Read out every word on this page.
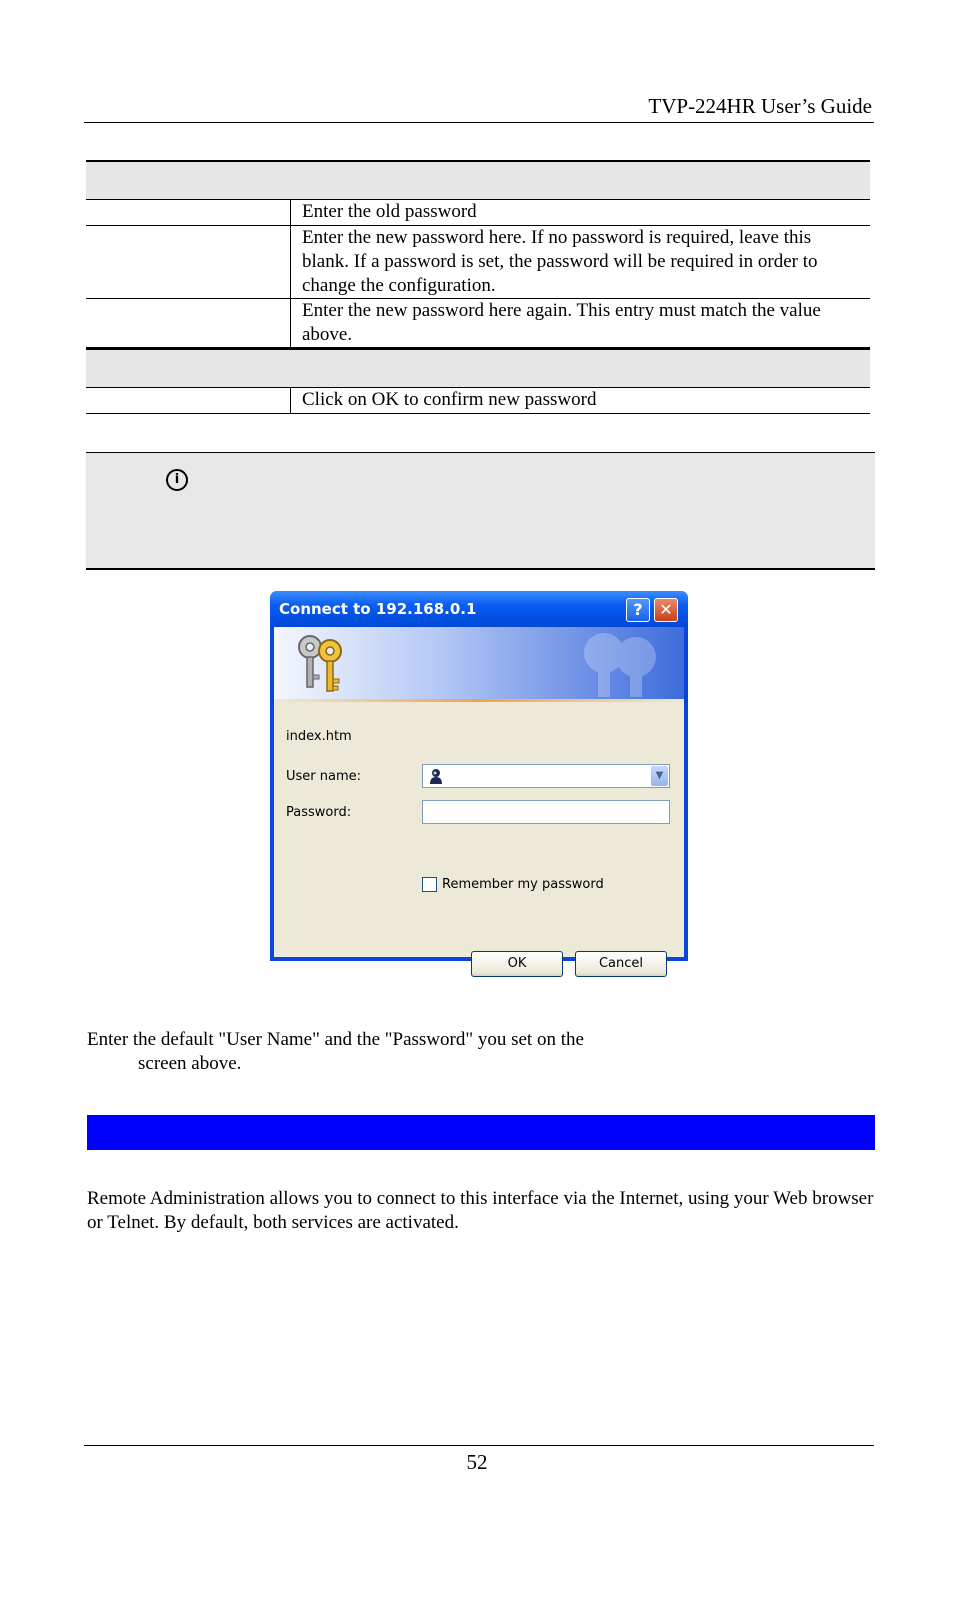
TVP-224HR User’s Guide
Enter the old password
Enter the new password here. If no password is required, leave this blank. If a password is set, the password will be required in order to change the configuration.
Enter the new password here again. This entry must match the value above.
Click on OK to confirm new password
i
Connect to 192.168.0.1	?	✕
index.htm
User name:
Password:
▼
Remember my password
OK	Cancel
Enter the default "User Name" and the "Password" you set on the
screen above.
Remote Administration allows you to connect to this interface via the Internet, using your Web browser or Telnet. By default, both services are activated.
52
